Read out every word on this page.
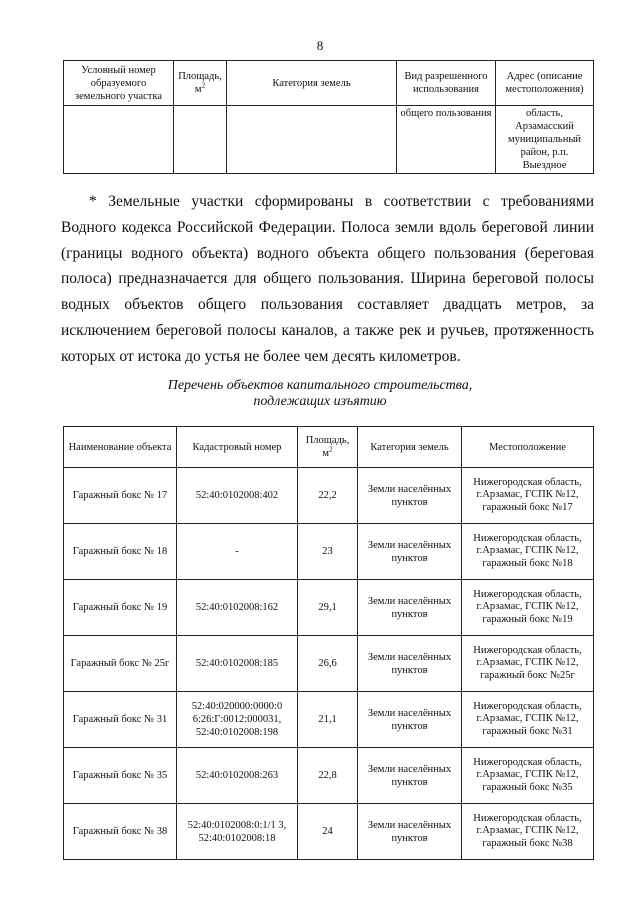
8
Условный номер образуемого земельного участка	Площадь, $м^2$	Категория земель	Вид разрешенного использования	Адрес (описание местоположения)
			общего пользования	область, Арзамасский муниципальный район, р.п. Выездное

* Земельные участки сформированы в соответствии с требованиями Водного кодекса Российской Федерации. Полоса земли вдоль береговой линии (границы водного объекта) водного объекта общего пользования (береговая полоса) предназначается для общего пользования. Ширина береговой полосы водных объектов общего пользования составляет двадцать метров, за исключением береговой полосы каналов, а также рек и ручьев, протяженность которых от истока до устья не более чем десять километров.

Перечень объектов капитального строительства,
подлежащих изъятию
Наименование объекта	Кадастровый номер	Площадь, $м^2$	Категория земель	Местоположение
Гаражный бокс № 17	52:40:0102008:402	22,2	Земли населённых пунктов	Нижегородская область, г.Арзамас, ГСПК №12, гаражный бокс №17
Гаражный бокс № 18	-	23	Земли населённых пунктов	Нижегородская область, г.Арзамас, ГСПК №12, гаражный бокс №18
Гаражный бокс № 19	52:40:0102008:162	29,1	Земли населённых пунктов	Нижегородская область, г.Арзамас, ГСПК №12, гаражный бокс №19
Гаражный бокс № 25г	52:40:0102008:185	26,6	Земли населённых пунктов	Нижегородская область, г.Арзамас, ГСПК №12, гаражный бокс №25г
Гаражный бокс № 31	52:40:020000:0000:0 6:26:Г:0012:000031, 52:40:0102008:198	21,1	Земли населённых пунктов	Нижегородская область, г.Арзамас, ГСПК №12, гаражный бокс №31
Гаражный бокс № 35	52:40:0102008:263	22,8	Земли населённых пунктов	Нижегородская область, г.Арзамас, ГСПК №12, гаражный бокс №35
Гаражный бокс № 38	52:40:0102008:0:1/1 3, 52:40:0102008:18	24	Земли населённых пунктов	Нижегородская область, г.Арзамас, ГСПК №12, гаражный бокс №38
